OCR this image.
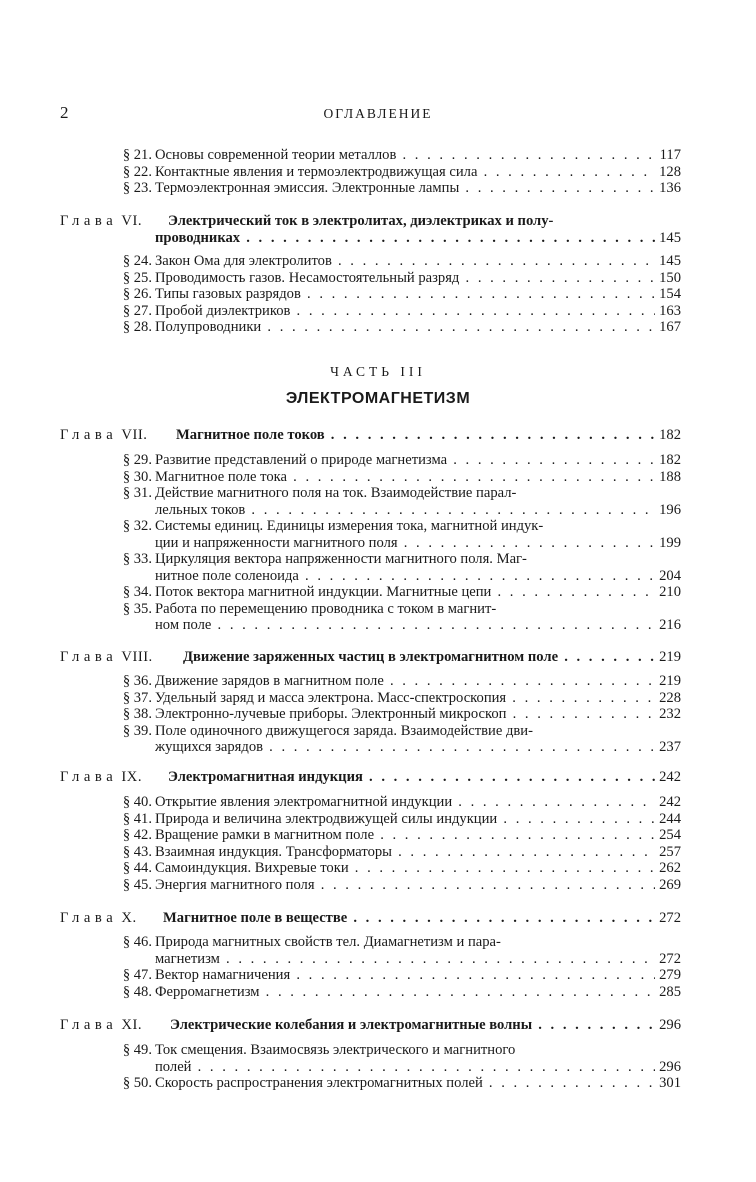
2	ОГЛАВЛЕНИЕ
§ 21. Основы современной теории металлов . . .	117
§ 22. Контактные явления и термоэлектродвижущая сила . . .	128
§ 23. Термоэлектронная эмиссия. Электронные лампы . . .	136
Глава VI. Электрический ток в электролитах, диэлектриках и полу-
проводниках . . .	145
§ 24. Закон Ома для электролитов . . .	145
§ 25. Проводимость газов. Несамостоятельный разряд . . .	150
§ 26. Типы газовых разрядов . . .	154
§ 27. Пробой диэлектриков . . .	163
§ 28. Полупроводники . . .	167
ЧАСТЬ III
ЭЛЕКТРОМАГНЕТИЗМ
Глава VII. Магнитное поле токов . . .	182
§ 29. Развитие представлений о природе магнетизма . . .	182
§ 30. Магнитное поле тока . . .	188
§ 31. Действие магнитного поля на ток. Взаимодействие парал-
лельных токов . . .	196
§ 32. Системы единиц. Единицы измерения тока, магнитной индук-
ции и напряженности магнитного поля . . .	199
§ 33. Циркуляция вектора напряженности магнитного поля. Маг-
нитное поле соленоида . . .	204
§ 34. Поток вектора магнитной индукции. Магнитные цепи . . .	210
§ 35. Работа по перемещению проводника с током в магнит-
ном поле . . .	216
Глава VIII. Движение заряженных частиц в электромагнитном поле . . .	219
§ 36. Движение зарядов в магнитном поле . . .	219
§ 37. Удельный заряд и масса электрона. Масс-спектроскопия . . .	228
§ 38. Электронно-лучевые приборы. Электронный микроскоп . . .	232
§ 39. Поле одиночного движущегося заряда. Взаимодействие дви-
жущихся зарядов . . .	237
Глава IX. Электромагнитная индукция . . .	242
§ 40. Открытие явления электромагнитной индукции . . .	242
§ 41. Природа и величина электродвижущей силы индукции . . .	244
§ 42. Вращение рамки в магнитном поле . . .	254
§ 43. Взаимная индукция. Трансформаторы . . .	257
§ 44. Самоиндукция. Вихревые токи . . .	262
§ 45. Энергия магнитного поля . . .	269
Глава X. Магнитное поле в веществе . . .	272
§ 46. Природа магнитных свойств тел. Диамагнетизм и пара-
магнетизм . . .	272
§ 47. Вектор намагничения . . .	279
§ 48. Ферромагнетизм . . .	285
Глава XI. Электрические колебания и электромагнитные волны . . .	296
§ 49. Ток смещения. Взаимосвязь электрического и магнитного
полей . . .	296
§ 50. Скорость распространения электромагнитных полей . . .	301
